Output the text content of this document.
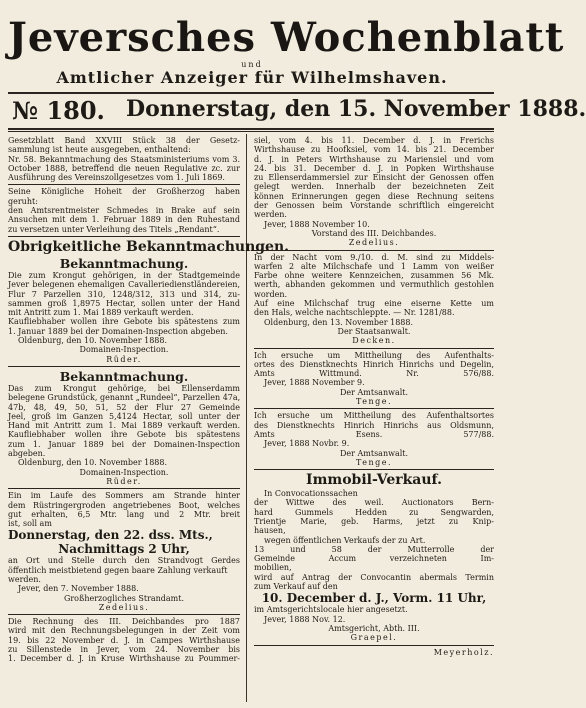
Jeversches Wochenblatt
und
Amtlicher Anzeiger für Wilhelmshaven.
№ 180. Donnerstag, den 15. November 1888.
Gesetzblatt Band XXVIII Stück 38 der Gesetz-
sammlung ist heute ausgegeben, enthaltend:
Nr. 58. Bekanntmachung des Staatsministeriums vom 3.
October 1888, betreffend die neuen Regulative zc. zur
Ausführung des Vereinszollgesetzes vom 1. Juli 1869.
Seine Königliche Hoheit der Großherzog haben
geruht:
den Amtsrentmeister Schmedes in Brake auf sein
Ansuchen mit dem 1. Februar 1889 in den Ruhestand
zu versetzen unter Verleihung des Titels „Rendant“.
Obrigkeitliche Bekanntmachungen.
Bekanntmachung.
Die zum Krongut gehörigen, in der Stadtgemeinde
Jever belegenen ehemaligen Cavalleriedienstländereien,
Flur 7 Parzellen 310, 1248/312, 313 und 314, zu-
sammen groß 1,8975 Hectar, sollen unter der Hand
mit Antritt zum 1. Mai 1889 verkauft werden.
Kaufliebhaber wollen ihre Gebote bis spätestens zum
1. Januar 1889 bei der Domainen-Inspection abgeben.
Oldenburg, den 10. November 1888.
Domainen-Inspection.
Rüder.
Bekanntmachung.
Das zum Krongut gehörige, bei Ellenserdamm
belegene Grundstück, genannt „Rundeel“, Parzellen 47a,
47b, 48, 49, 50, 51, 52 der Flur 27 Gemeinde
Jeel, groß im Ganzen 5,4124 Hectar, soll unter der
Hand mit Antritt zum 1. Mai 1889 verkauft werden.
Kaufliebhaber wollen ihre Gebote bis spätestens
zum 1. Januar 1889 bei der Domainen-Inspection
abgeben.
Oldenburg, den 10. November 1888.
Domainen-Inspection.
Rüder.
Ein im Laufe des Sommers am Strande hinter
dem Rüstringergroden angetriebenes Boot, welches
gut erhalten, 6,5 Mtr. lang und 2 Mtr. breit
ist, soll am
Donnerstag, den 22. dss. Mts.,
Nachmittags 2 Uhr,
an Ort und Stelle durch den Strandvogt Gerdes
öffentlich meistbietend gegen baare Zahlung verkauft
werden.
Jever, den 7. November 1888.
Großherzogliches Strandamt.
Zedelius.
Die Rechnung des III. Deichbandes pro 1887
wird mit den Rechnungsbelegungen in der Zeit vom
19. bis 22 November d. J. in Campes Wirthshause
zu Sillenstede in Jever, vom 24. November bis
1. December d. J. in Kruse Wirthshause zu Poummer-
siel, vom 4. bis 11. December d. J. in Frerichs
Wirthshause zu Hoofksiel, vom 14. bis 21. December
d. J. in Peters Wirthshause zu Mariensiel und vom
24. bis 31. December d. J. in Popken Wirthshause
zu Ellenserdammersiel zur Einsicht der Genossen offen
gelegt werden. Innerhalb der bezeichneten Zeit
können Erinnerungen gegen diese Rechnung seitens
der Genossen beim Vorstande schriftlich eingereicht
werden.
Jever, 1888 November 10.
Vorstand des III. Deichbandes.
Zedelius.
In der Nacht vom 9./10. d. M. sind zu Middels-
warfen 2 alte Milchschafe und 1 Lamm von weißer
Farbe ohne weitere Kennzeichen, zusammen 56 Mk.
werth, abhanden gekommen und vermuthlich gestohlen
worden.
Auf eine Milchschaf trug eine eiserne Kette um
den Hals, welche nachtschleppte. — Nr. 1281/88.
Oldenburg, den 13. November 1888.
Der Staatsanwalt.
Decken.
Ich ersuche um Mittheilung des Aufenthalts-
ortes des Dienstknechts Hinrich Hinrichs und Degelin,
Amts Wittmund. Nr. 576/88.
Jever, 1888 November 9.
Der Amtsanwalt.
Tenge.
Ich ersuche um Mittheilung des Aufenthaltsortes
des Dienstknechts Hinrich Hinrichs aus Oldsmunn,
Amts Esens. 577/88.
Jever, 1888 Novbr. 9.
Der Amtsanwalt.
Tenge.
Immobil-Verkauf.
In Convocationssachen
der Wittwe des weil. Auctionators Bern-
hard Gummels Hedden zu Sengwarden,
Trientje Marie, geb. Harms, jetzt zu Knip-
hausen,
wegen öffentlichen Verkaufs der zu Art.
13 und 58 der Mutterrolle der
Gemeinde Accum verzeichneten Im-
mobilien,
wird auf Antrag der Convocantin abermals Termin
zum Verkauf auf den
10. December d. J., Vorm. 11 Uhr,
im Amtsgerichtslocale hier angesetzt.
Jever, 1888 Nov. 12.
Amtsgericht, Abth. III.
Graepel.
Meyerholz.
